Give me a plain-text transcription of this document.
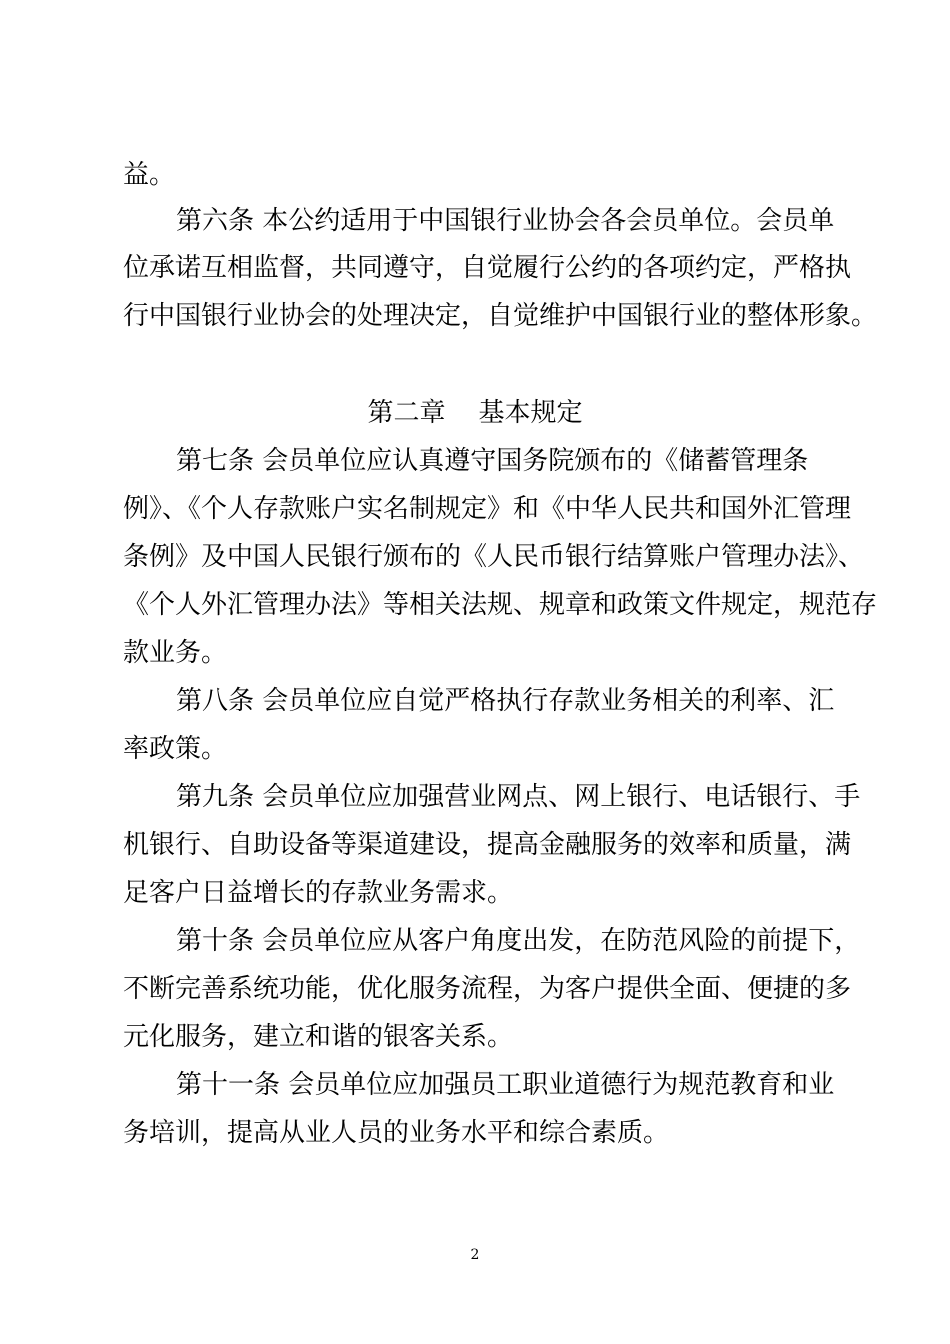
益。
第六条 本公约适用于中国银行业协会各会员单位。会员单
位承诺互相监督，共同遵守，自觉履行公约的各项约定，严格执
行中国银行业协会的处理决定，自觉维护中国银行业的整体形象。
第二章    基本规定
第七条 会员单位应认真遵守国务院颁布的《储蓄管理条
例》、《个人存款账户实名制规定》和《中华人民共和国外汇管理
条例》及中国人民银行颁布的《人民币银行结算账户管理办法》、
《个人外汇管理办法》等相关法规、规章和政策文件规定，规范存
款业务。
第八条 会员单位应自觉严格执行存款业务相关的利率、汇
率政策。
第九条 会员单位应加强营业网点、网上银行、电话银行、手
机银行、自助设备等渠道建设，提高金融服务的效率和质量，满
足客户日益增长的存款业务需求。
第十条 会员单位应从客户角度出发，在防范风险的前提下，
不断完善系统功能，优化服务流程，为客户提供全面、便捷的多
元化服务，建立和谐的银客关系。
第十一条 会员单位应加强员工职业道德行为规范教育和业
务培训，提高从业人员的业务水平和综合素质。
2
